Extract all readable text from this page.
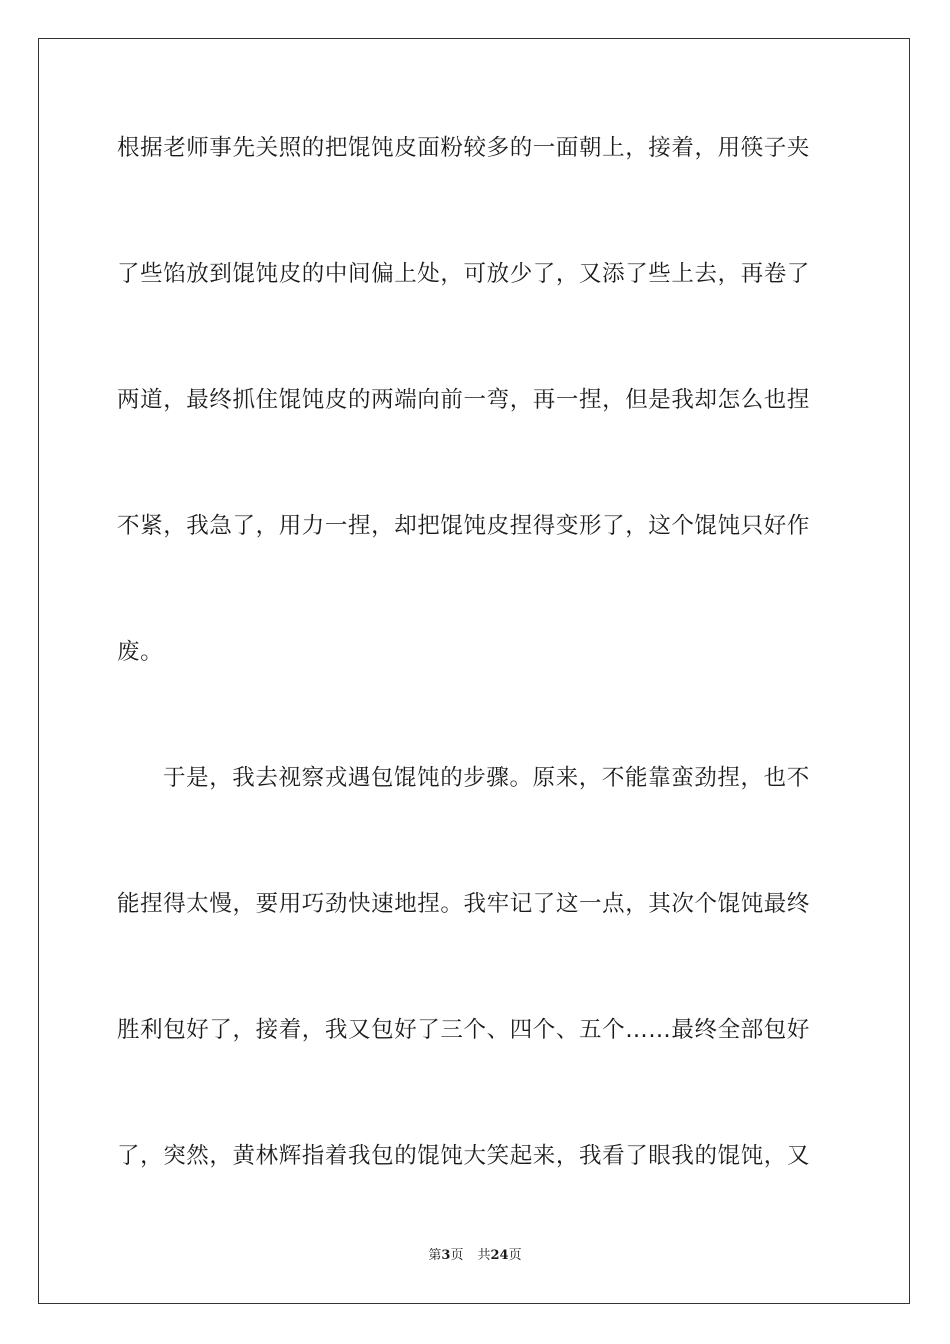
根据老师事先关照的把馄饨皮面粉较多的一面朝上，接着，用筷子夹
了些馅放到馄饨皮的中间偏上处，可放少了，又添了些上去，再卷了
两道，最终抓住馄饨皮的两端向前一弯，再一捏，但是我却怎么也捏
不紧，我急了，用力一捏，却把馄饨皮捏得变形了，这个馄饨只好作
废。
于是，我去视察戎遇包馄饨的步骤。原来，不能靠蛮劲捏，也不
能捏得太慢，要用巧劲快速地捏。我牢记了这一点，其次个馄饨最终
胜利包好了，接着，我又包好了三个、四个、五个……最终全部包好
了，突然，黄林辉指着我包的馄饨大笑起来，我看了眼我的馄饨，又
第3页 共24页
